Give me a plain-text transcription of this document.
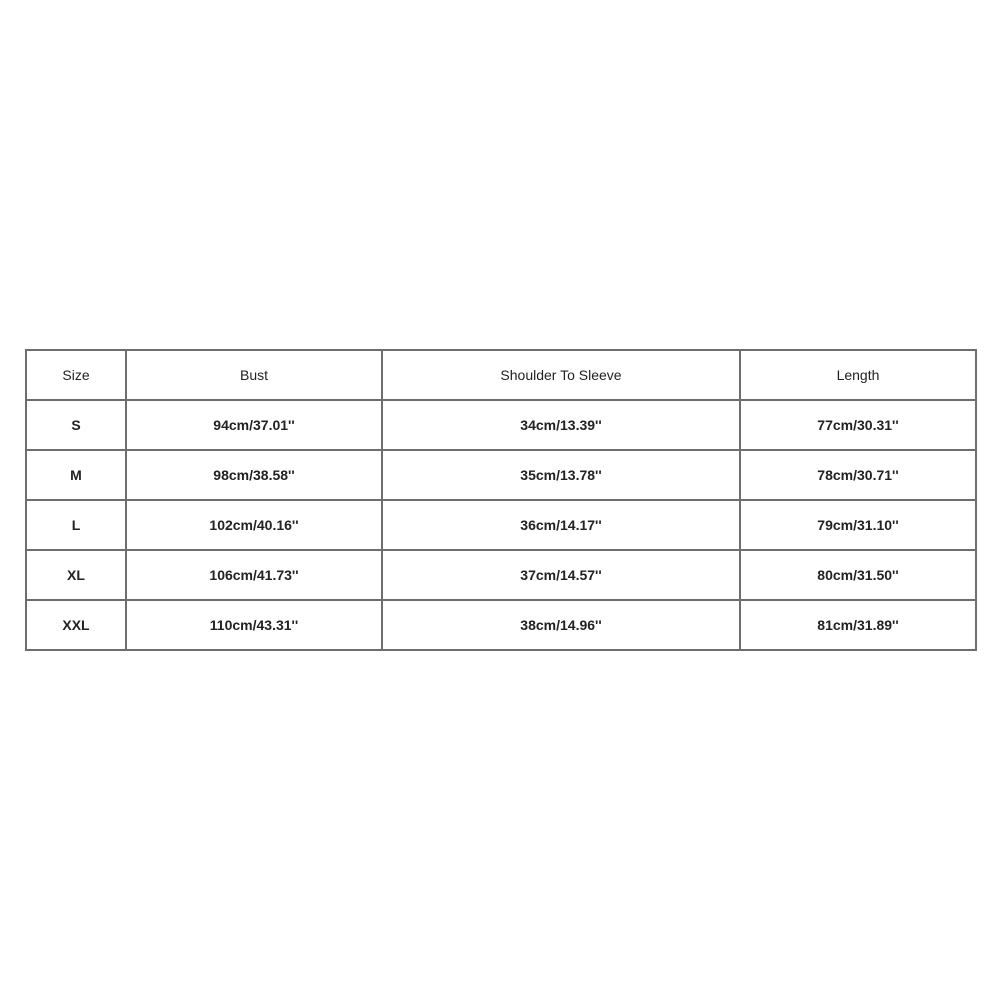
Size	Bust	Shoulder To Sleeve	Length
S	94cm/37.01''	34cm/13.39''	77cm/30.31''
M	98cm/38.58''	35cm/13.78''	78cm/30.71''
L	102cm/40.16''	36cm/14.17''	79cm/31.10''
XL	106cm/41.73''	37cm/14.57''	80cm/31.50''
XXL	110cm/43.31''	38cm/14.96''	81cm/31.89''
